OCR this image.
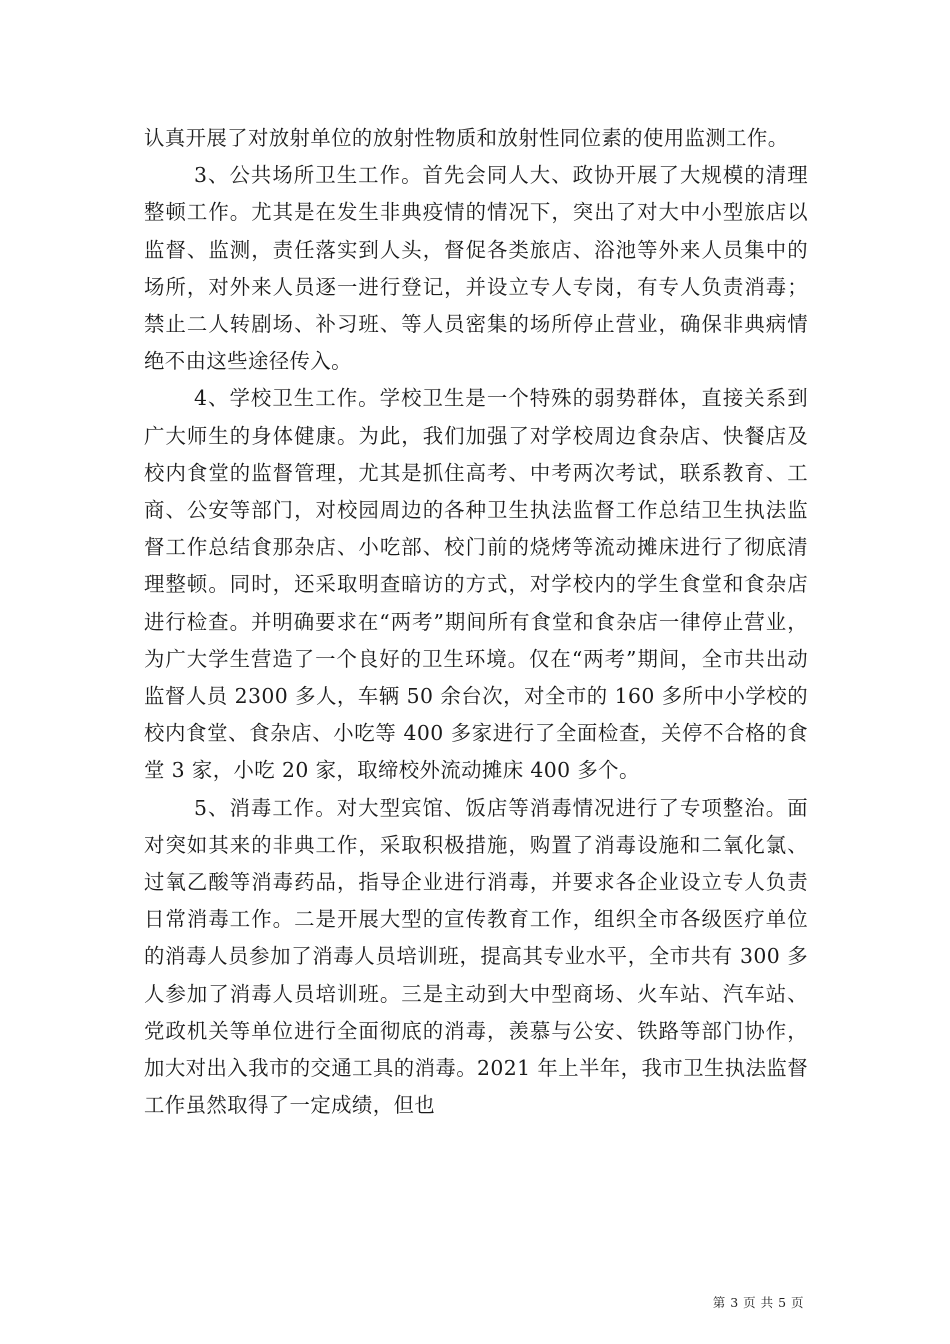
认真开展了对放射单位的放射性物质和放射性同位素的使用监测工作。

3、公共场所卫生工作。首先会同人大、政协开展了大规模的清理整顿工作。尤其是在发生非典疫情的情况下，突出了对大中小型旅店以监督、监测，责任落实到人头，督促各类旅店、浴池等外来人员集中的场所，对外来人员逐一进行登记，并设立专人专岗，有专人负责消毒；禁止二人转剧场、补习班、等人员密集的场所停止营业，确保非典病情绝不由这些途径传入。

4、学校卫生工作。学校卫生是一个特殊的弱势群体，直接关系到广大师生的身体健康。为此，我们加强了对学校周边食杂店、快餐店及校内食堂的监督管理，尤其是抓住高考、中考两次考试，联系教育、工商、公安等部门，对校园周边的各种卫生执法监督工作总结卫生执法监督工作总结食那杂店、小吃部、校门前的烧烤等流动摊床进行了彻底清理整顿。同时，还采取明查暗访的方式，对学校内的学生食堂和食杂店进行检查。并明确要求在“两考”期间所有食堂和食杂店一律停止营业，为广大学生营造了一个良好的卫生环境。仅在“两考”期间，全市共出动监督人员 2300 多人，车辆 50 余台次，对全市的 160 多所中小学校的校内食堂、食杂店、小吃等 400 多家进行了全面检查，关停不合格的食堂 3 家，小吃 20 家，取缔校外流动摊床 400 多个。

5、消毒工作。对大型宾馆、饭店等消毒情况进行了专项整治。面对突如其来的非典工作，采取积极措施，购置了消毒设施和二氧化氯、过氧乙酸等消毒药品，指导企业进行消毒，并要求各企业设立专人负责日常消毒工作。二是开展大型的宣传教育工作，组织全市各级医疗单位的消毒人员参加了消毒人员培训班，提高其专业水平，全市共有 300 多人参加了消毒人员培训班。三是主动到大中型商场、火车站、汽车站、党政机关等单位进行全面彻底的消毒，羡慕与公安、铁路等部门协作，加大对出入我市的交通工具的消毒。2021 年上半年，我市卫生执法监督工作虽然取得了一定成绩，但也

第 3 页 共 5 页
